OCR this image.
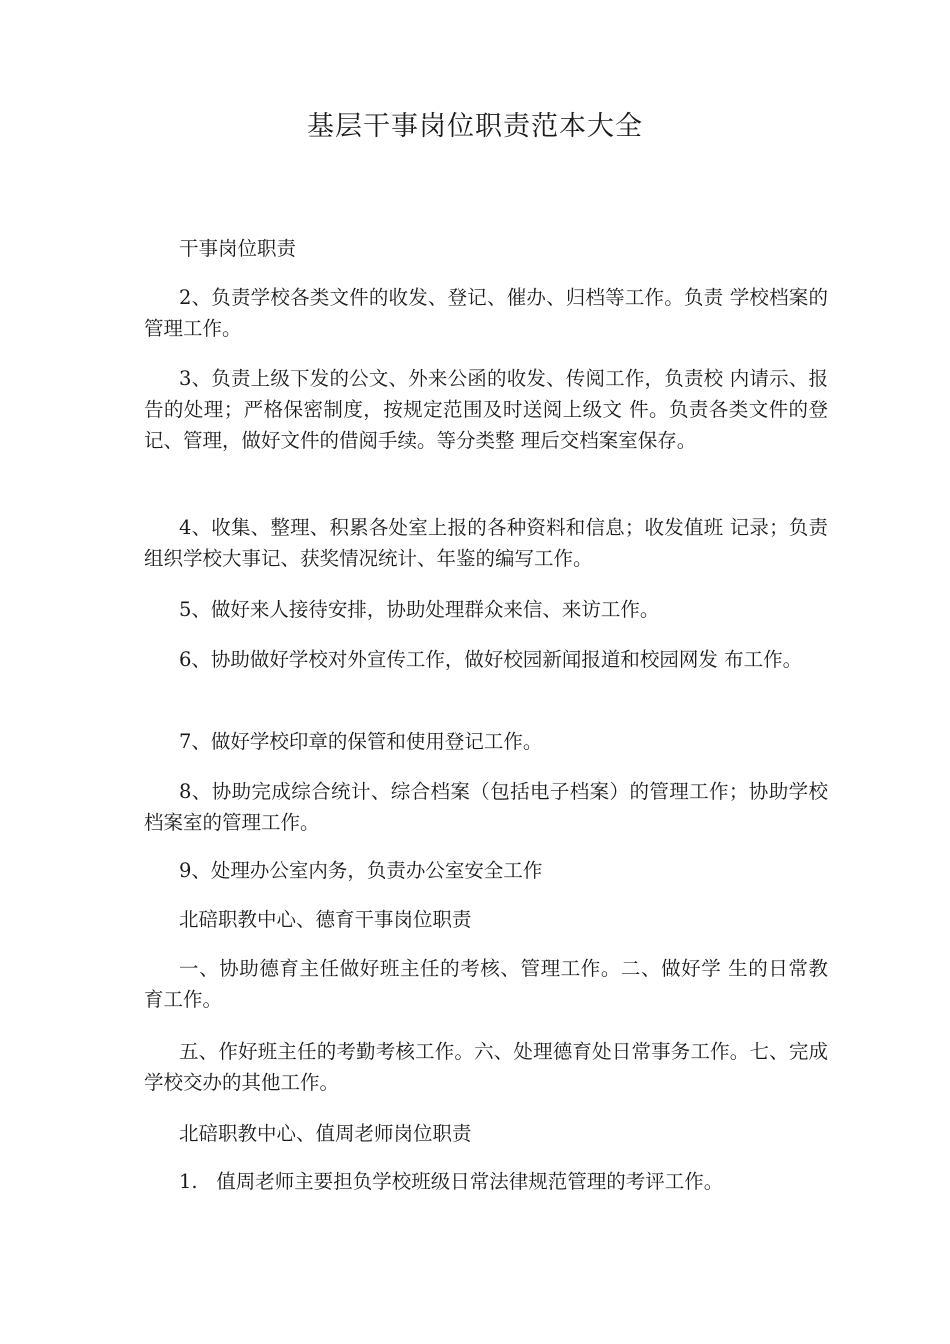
基层干事岗位职责范本大全

干事岗位职责

2、负责学校各类文件的收发、登记、催办、归档等工作。负责 学校档案的管理工作。

3、负责上级下发的公文、外来公函的收发、传阅工作，负责校 内请示、报告的处理；严格保密制度，按规定范围及时送阅上级文 件。负责各类文件的登记、管理，做好文件的借阅手续。等分类整 理后交档案室保存。

4、收集、整理、积累各处室上报的各种资料和信息；收发值班 记录；负责组织学校大事记、获奖情况统计、年鉴的编写工作。

5、做好来人接待安排，协助处理群众来信、来访工作。

6、协助做好学校对外宣传工作，做好校园新闻报道和校园网发 布工作。

7、做好学校印章的保管和使用登记工作。

8、协助完成综合统计、综合档案（包括电子档案）的管理工作；协助学校档案室的管理工作。

9、处理办公室内务，负责办公室安全工作

北碚职教中心、德育干事岗位职责

一、协助德育主任做好班主任的考核、管理工作。二、做好学 生的日常教育工作。

五、作好班主任的考勤考核工作。六、处理德育处日常事务工作。七、完成学校交办的其他工作。

北碚职教中心、值周老师岗位职责

1.   值周老师主要担负学校班级日常法律规范管理的考评工作。
